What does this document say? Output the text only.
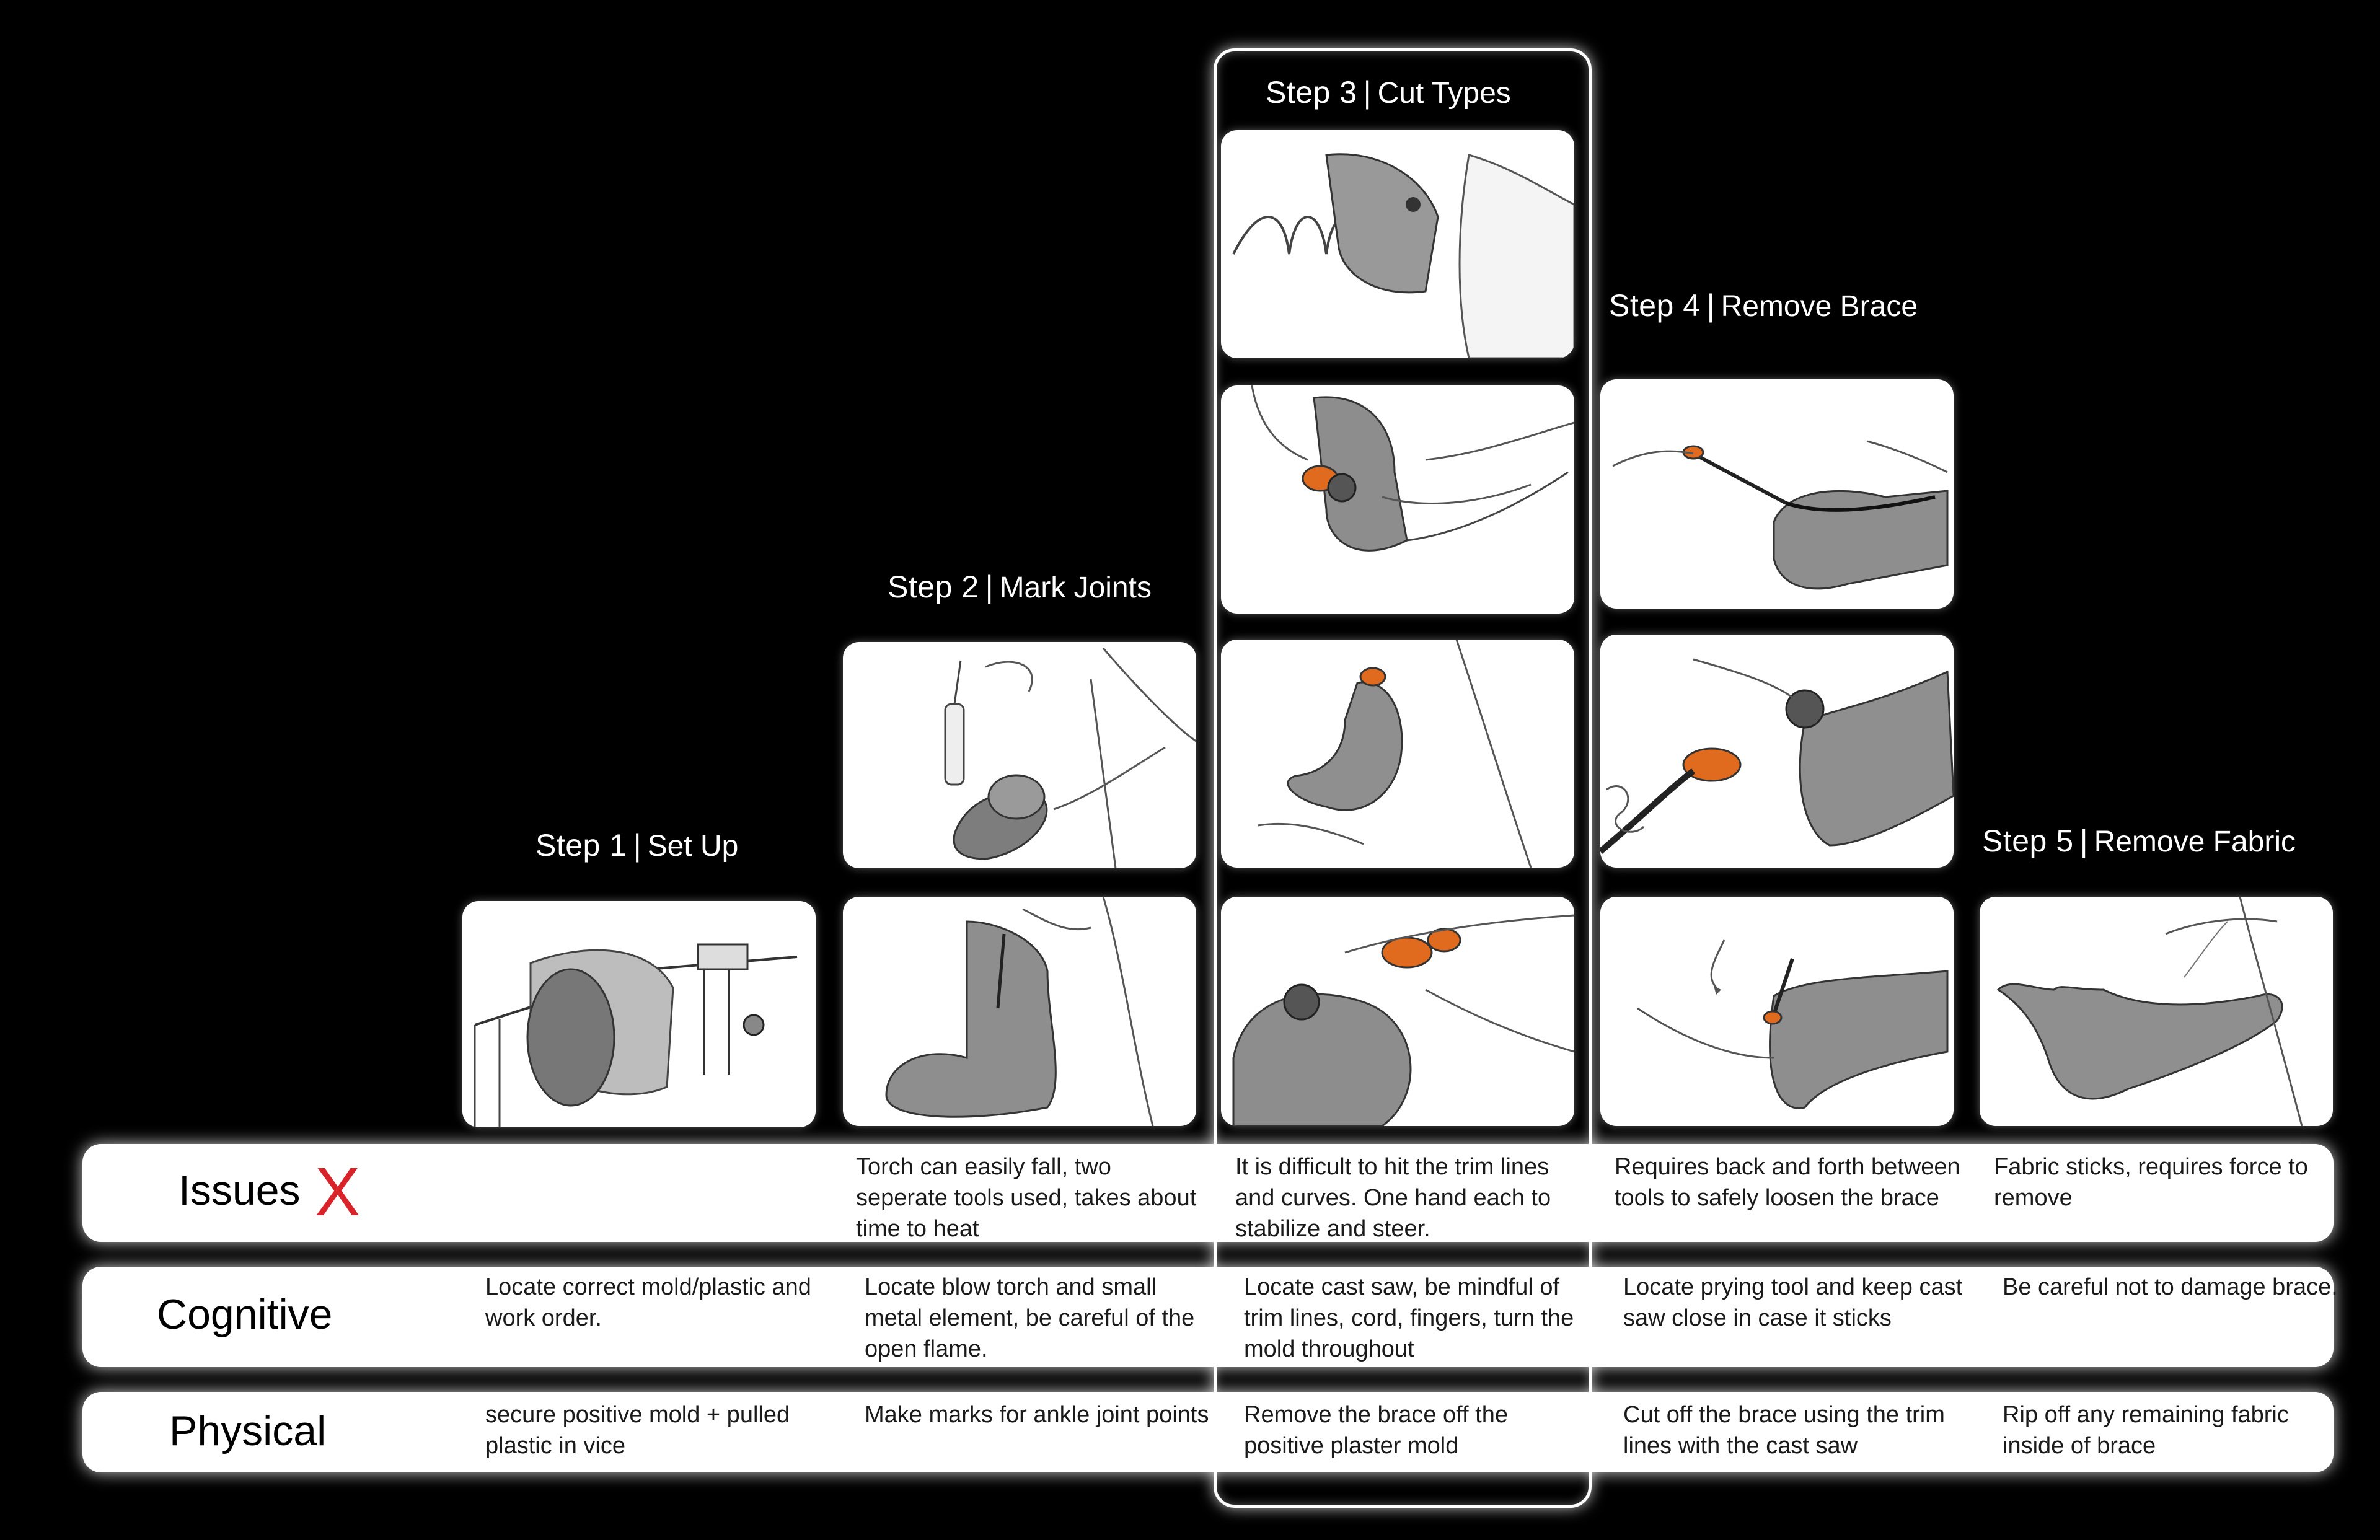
Step 1 | Set Up
Step 2 | Mark Joints
Step 3 | Cut Types
Step 4 | Remove Brace
Step 5 | Remove Fabric
Issues X	Torch can easily fall, two seperate tools used, takes about time to heat
It is difficult to hit the trim lines and curves. One hand each to stabilize and steer.
Requires back and forth between tools to safely loosen the brace
Fabric sticks, requires force to remove
Cognitive
Locate correct mold/plastic and work order.
Locate blow torch and small metal element, be careful of the open flame.
Locate cast saw, be mindful of trim lines, cord, fingers, turn the mold throughout
Locate prying tool and keep cast saw close in case it sticks
Be careful not to damage brace.
Physical	secure positive mold + pulled plastic in vice
Make marks for ankle joint points Remove the brace off the positive plaster mold
Cut off the brace using the trim lines with the cast saw
Rip off any remaining fabric inside of brace
